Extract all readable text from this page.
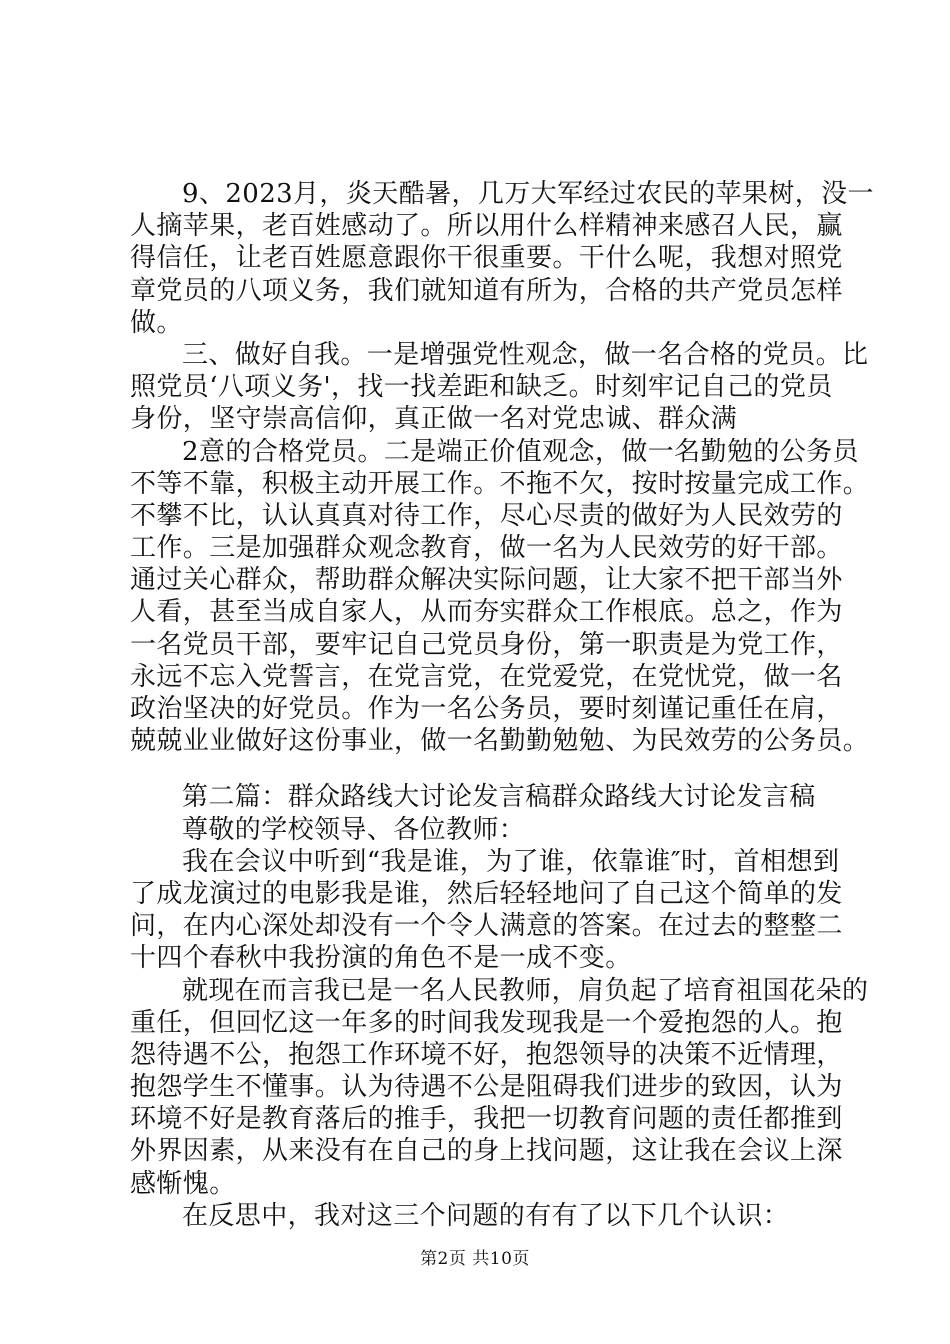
9、2023月，炎天酷暑，几万大军经过农民的苹果树，没一
人摘苹果，老百姓感动了。所以用什么样精神来感召人民，赢
得信任，让老百姓愿意跟你干很重要。干什么呢，我想对照党
章党员的八项义务，我们就知道有所为，合格的共产党员怎样
做。
三、做好自我。一是增强党性观念，做一名合格的党员。比
照党员‘八项义务'，找一找差距和缺乏。时刻牢记自己的党员
身份，坚守崇高信仰，真正做一名对党忠诚、群众满
2意的合格党员。二是端正价值观念，做一名勤勉的公务员
不等不靠，积极主动开展工作。不拖不欠，按时按量完成工作。
不攀不比，认认真真对待工作，尽心尽责的做好为人民效劳的
工作。三是加强群众观念教育，做一名为人民效劳的好干部。
通过关心群众，帮助群众解决实际问题，让大家不把干部当外
人看，甚至当成自家人，从而夯实群众工作根底。总之，作为
一名党员干部，要牢记自己党员身份，第一职责是为党工作，
永远不忘入党誓言，在党言党，在党爱党，在党忧党，做一名
政治坚决的好党员。作为一名公务员，要时刻谨记重任在肩，
兢兢业业做好这份事业，做一名勤勤勉勉、为民效劳的公务员。
第二篇：群众路线大讨论发言稿群众路线大讨论发言稿
尊敬的学校领导、各位教师：
我在会议中听到“我是谁，为了谁，依靠谁″时，首相想到
了成龙演过的电影我是谁，然后轻轻地问了自己这个简单的发
问，在内心深处却没有一个令人满意的答案。在过去的整整二
十四个春秋中我扮演的角色不是一成不变。
就现在而言我已是一名人民教师，肩负起了培育祖国花朵的
重任，但回忆这一年多的时间我发现我是一个爱抱怨的人。抱
怨待遇不公，抱怨工作环境不好，抱怨领导的决策不近情理，
抱怨学生不懂事。认为待遇不公是阻碍我们进步的致因，认为
环境不好是教育落后的推手，我把一切教育问题的责任都推到
外界因素，从来没有在自己的身上找问题，这让我在会议上深
感惭愧。
在反思中，我对这三个问题的有有了以下几个认识：
第2页 共10页
